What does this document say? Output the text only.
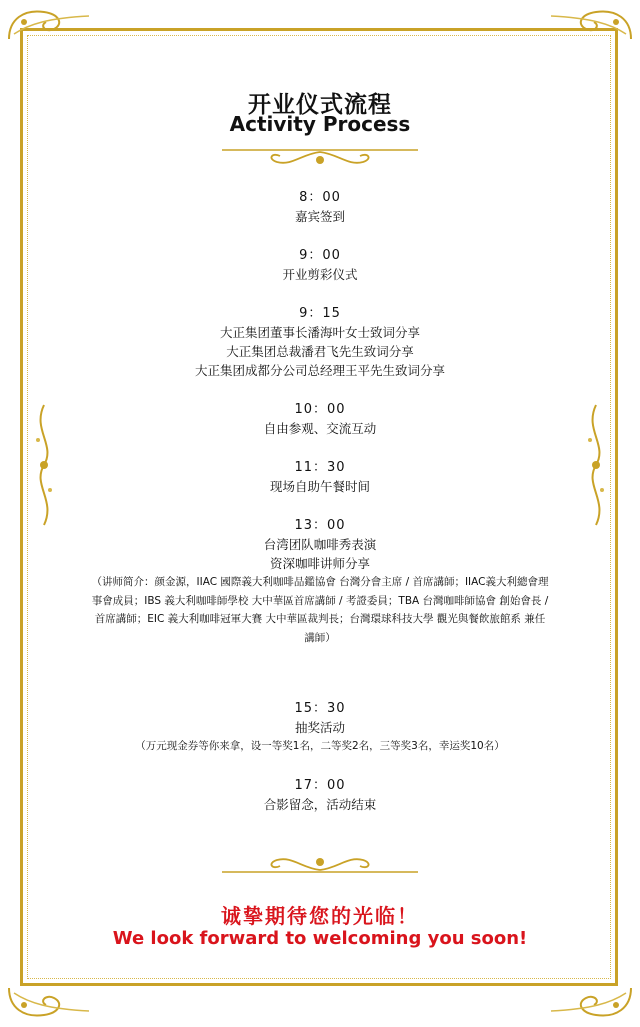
开业仪式流程
Activity Process
8：00
嘉宾签到
9：00
开业剪彩仪式
9：15
大正集团董事长潘海叶女士致词分享
大正集团总裁潘君飞先生致词分享
大正集团成都分公司总经理王平先生致词分享
10：00
自由参观、交流互动
11：30
现场自助午餐时间
13：00
台湾团队咖啡秀表演
资深咖啡讲师分享
（讲师简介：颜金源，IIAC 國際義大利咖啡品鑑協會 台灣分會主席 / 首席講師；IIAC義大利總會理事會成員；IBS 義大利咖啡師學校 大中華區首席講師 / 考證委員；TBA 台灣咖啡師協會 創始會長 / 首席講師；EIC 義大利咖啡冠軍大賽 大中華區裁判長；台灣環球科技大學 觀光與餐飲旅館系 兼任講師）
15：30
抽奖活动
（万元现金券等你来拿，设一等奖1名，二等奖2名，三等奖3名，幸运奖10名）
17：00
合影留念，活动结束
诚挚期待您的光临！
We look forward to welcoming you soon!
